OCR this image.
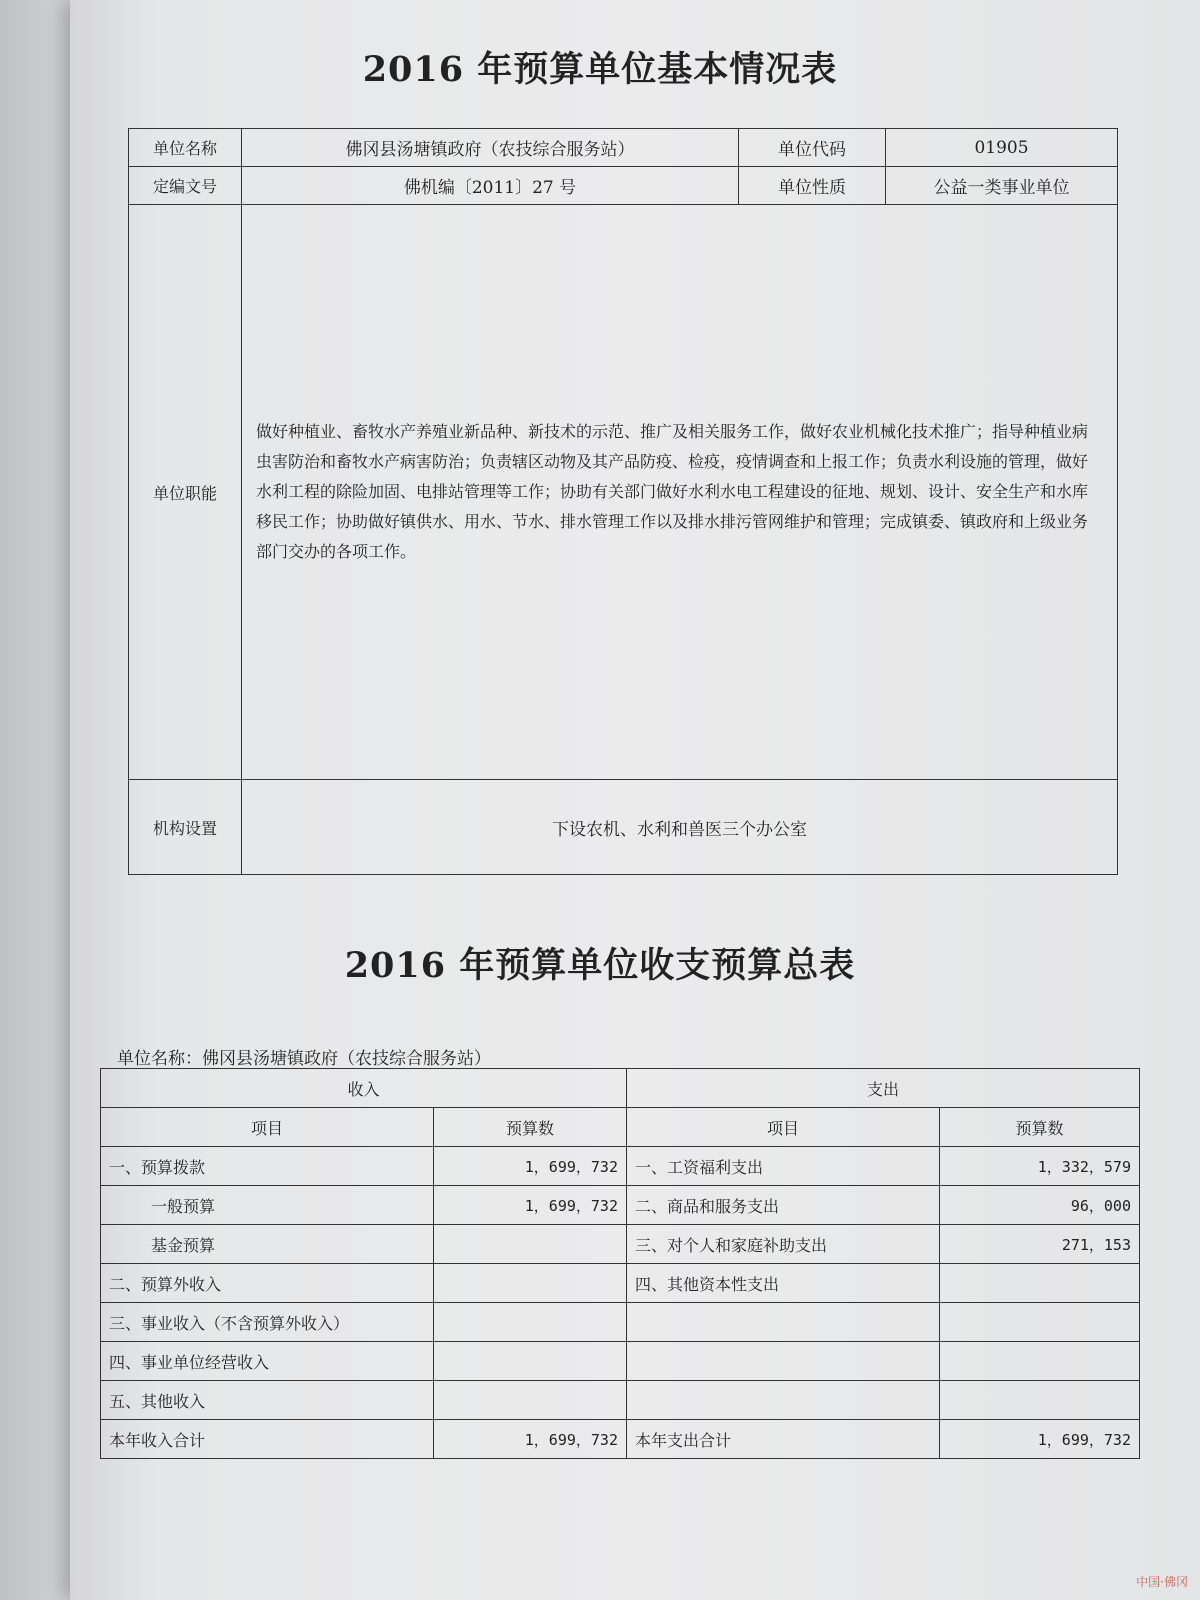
2016 年预算单位基本情况表
单位名称	佛冈县汤塘镇政府（农技综合服务站）	单位代码	01905
定编文号	佛机编〔2011〕27 号	单位性质	公益一类事业单位
单位职能	做好种植业、畜牧水产养殖业新品种、新技术的示范、推广及相关服务工作，做好农业机械化技术推广；指导种植业病虫害防治和畜牧水产病害防治；负责辖区动物及其产品防疫、检疫，疫情调查和上报工作；负责水利设施的管理，做好水利工程的除险加固、电排站管理等工作；协助有关部门做好水利水电工程建设的征地、规划、设计、安全生产和水库移民工作；协助做好镇供水、用水、节水、排水管理工作以及排水排污管网维护和管理；完成镇委、镇政府和上级业务部门交办的各项工作。		
机构设置	下设农机、水利和兽医三个办公室		
2016 年预算单位收支预算总表
单位名称：佛冈县汤塘镇政府（农技综合服务站）
收入		支出	
项目	预算数	项目	预算数
一、预算拨款	1，699，732	一、工资福利支出	1，332，579
一般预算	1，699，732	二、商品和服务支出	96，000
基金预算		三、对个人和家庭补助支出	271，153
二、预算外收入		四、其他资本性支出	
三、事业收入（不含预算外收入）			
四、事业单位经营收入			
五、其他收入			
本年收入合计	1，699，732	本年支出合计	1，699，732
中国·佛冈
